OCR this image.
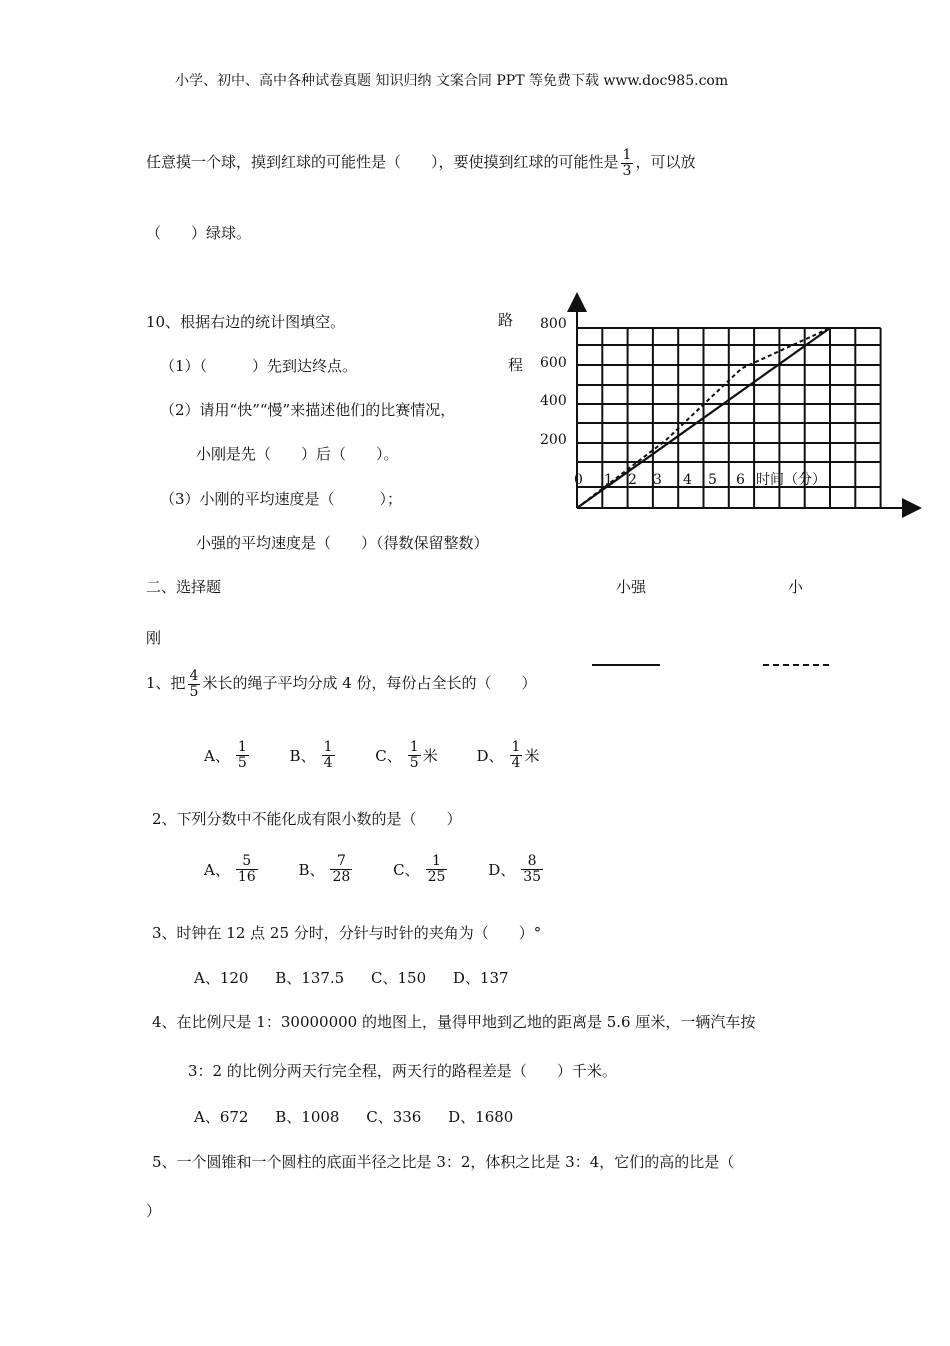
小学、初中、高中各种试卷真题 知识归纳 文案合同 PPT 等免费下载 www.doc985.com
任意摸一个球，摸到红球的可能性是（　　），要使摸到红球的可能性是 $\frac{1}{3}$ ，可以放
（　　）绿球。
10、根据右边的统计图填空。
（1）（　　　）先到达终点。
（2）请用“快”“慢”来描述他们的比赛情况，
小刚是先（　　）后（　　）。
（3）小刚的平均速度是（　　　）；
小强的平均速度是（　　）（得数保留整数）
路
程
800
600
400
200
0 1 2 3 4 5 6 时间（分）
小强	小
刚
二、选择题
1、把 $\frac{4}{5}$ 米长的绳子平均分成 4 份，每份占全长的（　　）
A、 $\frac{1}{5}$
	B、 $\frac{1}{4}$
	C、 $\frac{1}{5}$ 米
	D、 $\frac{1}{4}$ 米
2、下列分数中不能化成有限小数的是（　　）
A、 $\frac{5}{16}$
	B、 $\frac{7}{28}$
	C、 $\frac{1}{25}$
	D、 $\frac{8}{35}$
3、时钟在 12 点 25 分时，分针与时针的夹角为（　　）°
A、120 B、137.5 C、150 D、137
4、在比例尺是 1：30000000 的地图上，量得甲地到乙地的距离是 5.6 厘米，一辆汽车按
3：2 的比例分两天行完全程，两天行的路程差是（　　）千米。
A、672 B、1008 C、336 D、1680
5、一个圆锥和一个圆柱的底面半径之比是 3：2，体积之比是 3：4，它们的高的比是（
）
